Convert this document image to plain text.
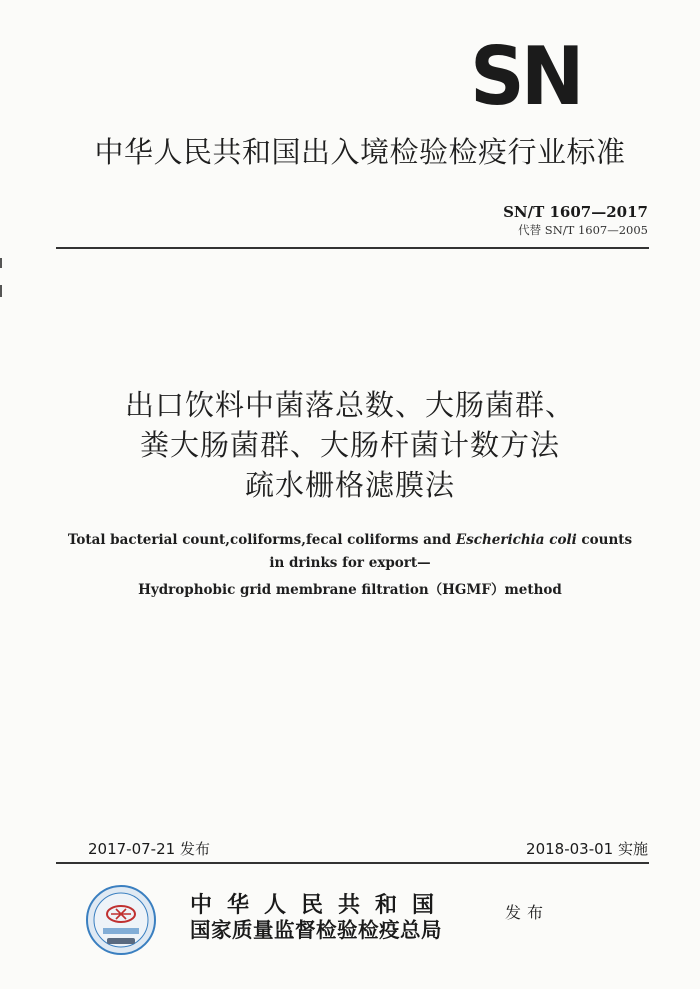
SN
中华人民共和国出入境检验检疫行业标准
SN/T 1607—2017
代替 SN/T 1607—2005
出口饮料中菌落总数、大肠菌群、
粪大肠菌群、大肠杆菌计数方法
疏水栅格滤膜法
Total bacterial count,coliforms,fecal coliforms and Escherichia coli counts
in drinks for export—
Hydrophobic grid membrane filtration（HGMF）method
2017-07-21 发布	2018-03-01 实施
中华人民共和国
国家质量监督检验检疫总局
发布
